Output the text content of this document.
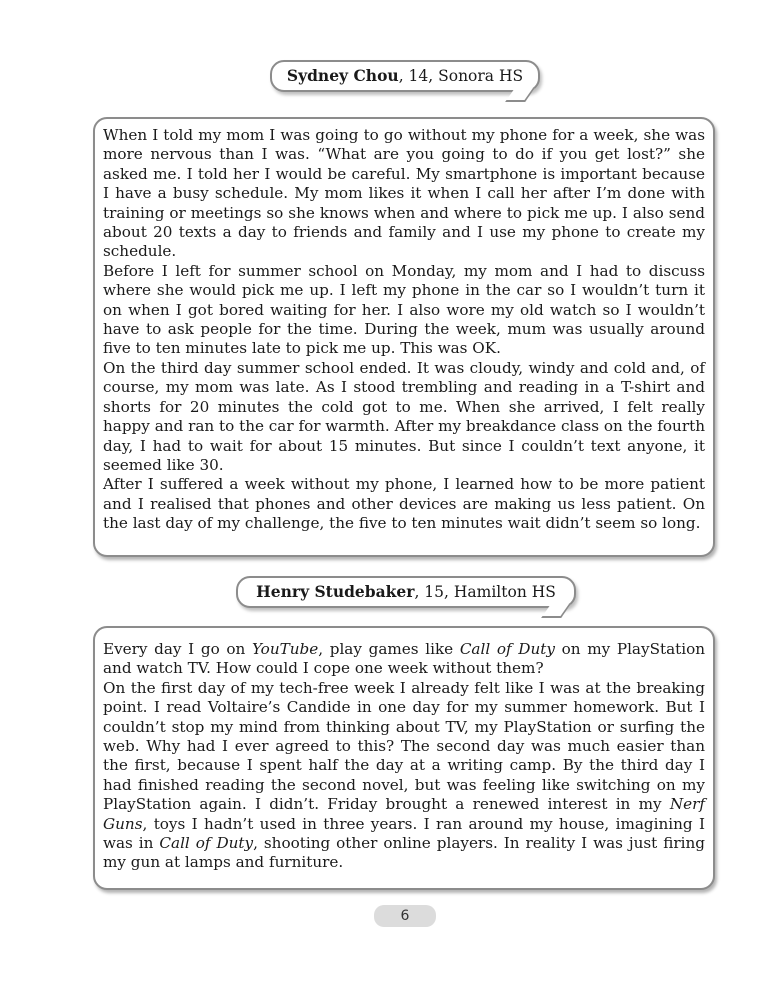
Sydney Chou, 14, Sonora HS

When I told my mom I was going to go without my phone for a week, she was more nervous than I was. “What are you going to do if you get lost?” she asked me. I told her I would be careful. My smartphone is important because I have a busy schedule. My mom likes it when I call her after I’m done with training or meetings so she knows when and where to pick me up. I also send about 20 texts a day to friends and family and I use my phone to create my schedule.

Before I left for summer school on Monday, my mom and I had to discuss where she would pick me up. I left my phone in the car so I wouldn’t turn it on when I got bored waiting for her. I also wore my old watch so I wouldn’t have to ask people for the time. During the week, mum was usually around five to ten minutes late to pick me up. This was OK.

On the third day summer school ended. It was cloudy, windy and cold and, of course, my mom was late. As I stood trembling and reading in a T-shirt and shorts for 20 minutes the cold got to me. When she arrived, I felt really happy and ran to the car for warmth. After my breakdance class on the fourth day, I had to wait for about 15 minutes. But since I couldn’t text anyone, it seemed like 30.

After I suffered a week without my phone, I learned how to be more patient and I realised that phones and other devices are making us less patient. On the last day of my challenge, the five to ten minutes wait didn’t seem so long.

Henry Studebaker, 15, Hamilton HS

Every day I go on YouTube, play games like Call of Duty on my PlayStation and watch TV. How could I cope one week without them?

On the first day of my tech-free week I already felt like I was at the breaking point. I read Voltaire’s Candide in one day for my summer homework. But I couldn’t stop my mind from thinking about TV, my PlayStation or surfing the web. Why had I ever agreed to this? The second day was much easier than the first, because I spent half the day at a writing camp. By the third day I had finished reading the second novel, but was feeling like switching on my PlayStation again. I didn’t. Friday brought a renewed interest in my Nerf Guns, toys I hadn’t used in three years. I ran around my house, imagining I was in Call of Duty, shooting other online players. In reality I was just firing my gun at lamps and furniture.

6
